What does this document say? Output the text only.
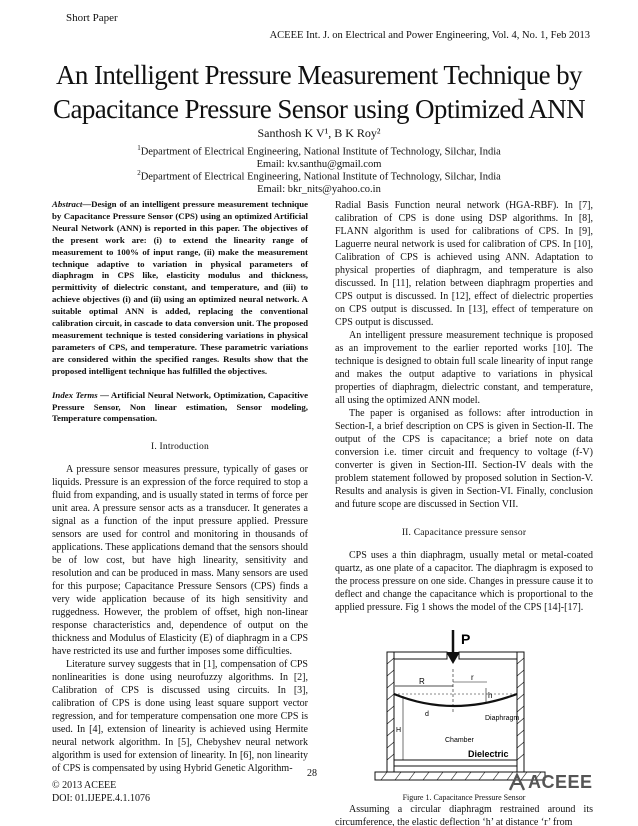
Short Paper
ACEEE Int. J. on Electrical and Power Engineering, Vol. 4, No. 1, Feb 2013
An Intelligent Pressure Measurement Technique by
Capacitance Pressure Sensor using Optimized ANN
Santhosh K V¹, B K Roy²
$^1$Department of Electrical Engineering, National Institute of Technology, Silchar, India
Email: kv.santhu@gmail.com
$^2$Department of Electrical Engineering, National Institute of Technology, Silchar, India
Email: bkr_nits@yahoo.co.in
Abstract—Design of an intelligent pressure measurement technique by Capacitance Pressure Sensor (CPS) using an optimized Artificial Neural Network (ANN) is reported in this paper. The objectives of the present work are: (i) to extend the linearity range of measurement to 100% of input range, (ii) make the measurement technique adaptive to variation in physical parameters of diaphragm in CPS like, elasticity modulus and thickness, permittivity of dielectric constant, and temperature, and (iii) to achieve objectives (i) and (ii) using an optimized neural network. A suitable optimal ANN is added, replacing the conventional calibration circuit, in cascade to data conversion unit. The proposed measurement technique is tested considering variations in physical parameters of CPS, and temperature. These parametric variations are considered within the specified ranges. Results show that the proposed intelligent technique has fulfilled the objectives.
Index Terms — Artificial Neural Network, Optimization, Capacitive Pressure Sensor, Non linear estimation, Sensor modeling, Temperature compensation.
I. Introduction

A pressure sensor measures pressure, typically of gases or liquids. Pressure is an expression of the force required to stop a fluid from expanding, and is usually stated in terms of force per unit area. A pressure sensor acts as a transducer. It generates a signal as a function of the input pressure applied. Pressure sensors are used for control and monitoring in thousands of applications. These applications demand that the sensors should be of low cost, but have high linearity, sensitivity and resolution and can be produced in mass. Many sensors are used for this purpose; Capacitance Pressure Sensors (CPS) finds a very wide application because of its high sensitivity and ruggedness. However, the problem of offset, high non-linear response characteristics and, dependence of output on the thickness and Modulus of Elasticity (E) of diaphragm in a CPS have restricted its use and further imposes some difficulties.

Literature survey suggests that in [1], compensation of CPS nonlinearities is done using neurofuzzy algorithms. In [2], Calibration of CPS is discussed using circuits. In [3], calibration of CPS is done using least square support vector regression, and for temperature compensation one more CPS is used. In [4], extension of linearity is achieved using Hermite neural network algorithm. In [5], Chebyshev neural network algorithm is used for extension of linearity. In [6], non linearity of CPS is compensated by using Hybrid Genetic Algorithm-

Radial Basis Function neural network (HGA-RBF). In [7], calibration of CPS is done using DSP algorithms. In [8], FLANN algorithm is used for calibrations of CPS. In [9], Laguerre neural network is used for calibration of CPS. In [10], Calibration of CPS is achieved using ANN. Adaptation to physical properties of diaphragm, and temperature is also discussed. In [11], relation between diaphragm properties and CPS output is discussed. In [12], effect of dielectric properties on CPS output is discussed. In [13], effect of temperature on CPS output is discussed.

An intelligent pressure measurement technique is proposed as an improvement to the earlier reported works [10]. The technique is designed to obtain full scale linearity of input range and makes the output adaptive to variations in physical properties of diaphragm, dielectric constant, and temperature, all using the optimized ANN model.

The paper is organised as follows: after introduction in Section-I, a brief description on CPS is given in Section-II. The output of the CPS is capacitance; a brief note on data conversion i.e. timer circuit and frequency to voltage (f-V) converter is given in Section-III. Section-IV deals with the problem statement followed by proposed solution in Section-V. Results and analysis is given in Section-VI. Finally, conclusion and future scope are discussed in Section VII.

II. Capacitance pressure sensor

CPS uses a thin diaphragm, usually metal or metal-coated quartz, as one plate of a capacitor. The diaphragm is exposed to the process pressure on one side. Changes in pressure cause it to deflect and change the capacitance which is proportional to the applied pressure. Fig 1 shows the model of the CPS [14]-[17].

P
R	r
h
d
Diaphragm
H
Chamber
Dielectric
Figure 1. Capacitance Pressure Sensor
Assuming a circular diaphragm restrained around its circumference, the elastic deflection ‘h’ at distance ‘r’ from
28
© 2013 ACEEE
DOI: 01.IJEPE.4.1.1076
ACEEE
